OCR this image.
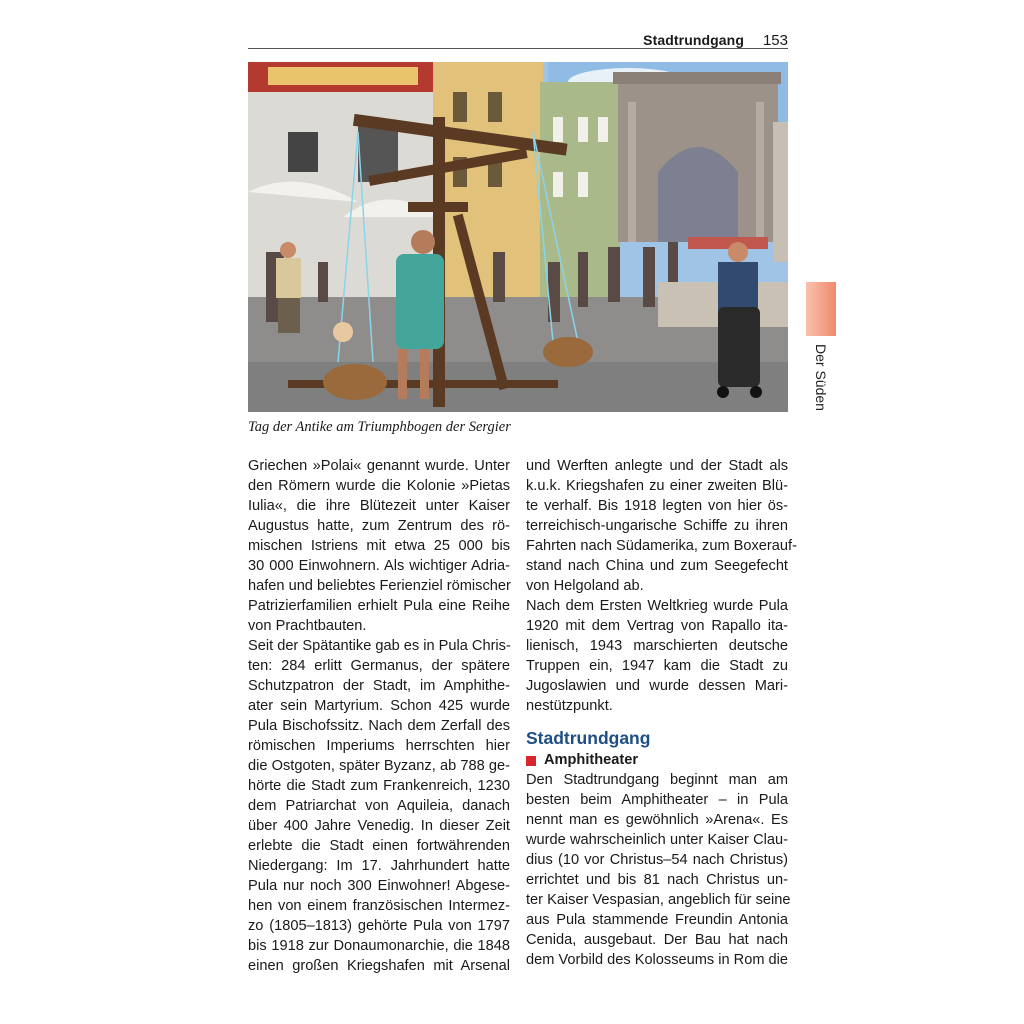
Stadtrundgang 153
Tag der Antike am Triumphbogen der Sergier
Griechen »Polai« genannt wurde. Unter
den Römern wurde die Kolonie »Pietas
Iulia«, die ihre Blütezeit unter Kaiser
Augustus hatte, zum Zentrum des rö-
mischen Istriens mit etwa 25 000 bis
30 000 Einwohnern. Als wichtiger Adria-
hafen und beliebtes Ferienziel römischer
Patrizierfamilien erhielt Pula eine Reihe
von Prachtbauten.
Seit der Spätantike gab es in Pula Chris-
ten: 284 erlitt Germanus, der spätere
Schutzpatron der Stadt, im Amphithe-
ater sein Martyrium. Schon 425 wurde
Pula Bischofssitz. Nach dem Zerfall des
römischen Imperiums herrschten hier
die Ostgoten, später Byzanz, ab 788 ge-
hörte die Stadt zum Frankenreich, 1230
dem Patriarchat von Aquileia, danach
über 400 Jahre Venedig. In dieser Zeit
erlebte die Stadt einen fortwährenden
Niedergang: Im 17. Jahrhundert hatte
Pula nur noch 300 Einwohner! Abgese-
hen von einem französischen Intermez-
zo (1805–1813) gehörte Pula von 1797
bis 1918 zur Donaumonarchie, die 1848
einen großen Kriegshafen mit Arsenal
und Werften anlegte und der Stadt als
k.u.k. Kriegshafen zu einer zweiten Blü-
te verhalf. Bis 1918 legten von hier ös-
terreichisch-ungarische Schiffe zu ihren
Fahrten nach Südamerika, zum Boxerauf-
stand nach China und zum Seegefecht
von Helgoland ab.
Nach dem Ersten Weltkrieg wurde Pula
1920 mit dem Vertrag von Rapallo ita-
lienisch, 1943 marschierten deutsche
Truppen ein, 1947 kam die Stadt zu
Jugoslawien und wurde dessen Mari-
nestützpunkt.
Stadtrundgang
Amphitheater
Den Stadtrundgang beginnt man am
besten beim Amphitheater – in Pula
nennt man es gewöhnlich »Arena«. Es
wurde wahrscheinlich unter Kaiser Clau-
dius (10 vor Christus–54 nach Christus)
errichtet und bis 81 nach Christus un-
ter Kaiser Vespasian, angeblich für seine
aus Pula stammende Freundin Antonia
Cenida, ausgebaut. Der Bau hat nach
dem Vorbild des Kolosseums in Rom die
Der Süden
